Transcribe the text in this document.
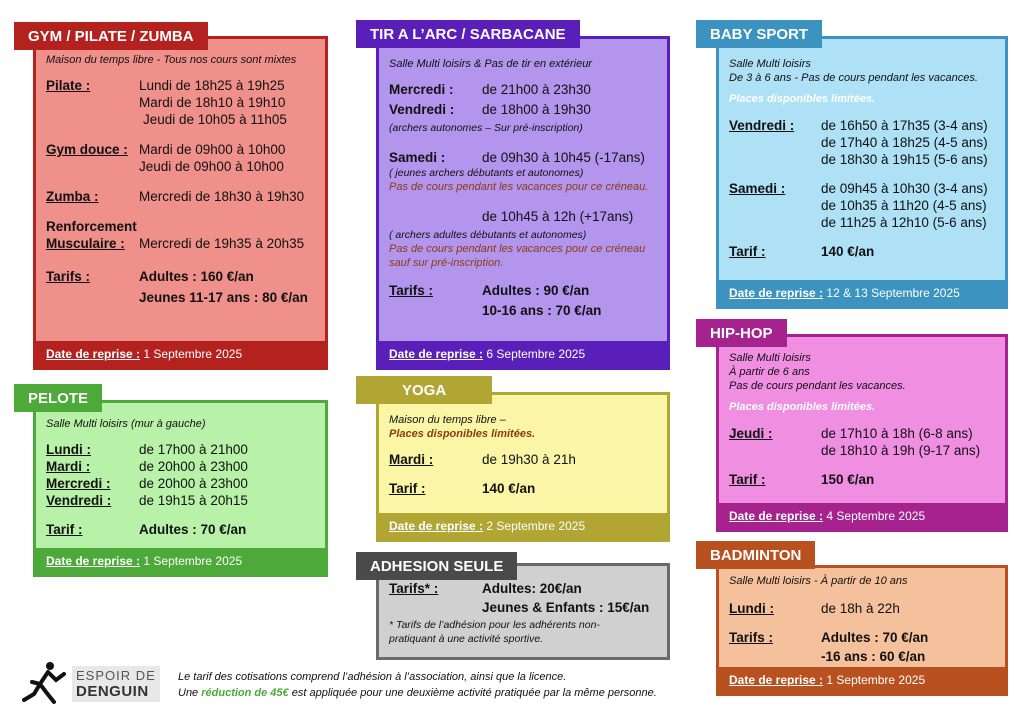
GYM / PILATE / ZUMBA
Maison du temps libre - Tous nos cours sont mixtes
Pilate :	Lundi de 18h25 à 19h25
Mardi de 18h10 à 19h10
Jeudi de 10h05 à 11h05
Gym douce : Mardi de 09h00 à 10h00
Jeudi de 09h00 à 10h00
Zumba :	Mercredi de 18h30 à 19h30
Renforcement
Musculaire :	Mercredi de 19h35 à 20h35
Tarifs :	Adultes : 160 €/an
Jeunes 11-17 ans : 80 €/an
Date de reprise : 1 Septembre 2025
PELOTE
Salle Multi loisirs (mur à gauche)
Lundi :	de 17h00 à 21h00
Mardi :	de 20h00 à 23h00
Mercredi :	de 20h00 à 23h00
Vendredi :	de 19h15 à 20h15
Tarif :	Adultes : 70 €/an
Date de reprise : 1 Septembre 2025
TIR A L’ARC / SARBACANE
Salle Multi loisirs & Pas de tir en extérieur
Mercredi :	de 21h00 à 23h30
Vendredi :	de 18h00 à 19h30
(archers autonomes – Sur pré-inscription)
Samedi :	de 09h30 à 10h45 (-17ans)
( jeunes archers débutants et autonomes)
Pas de cours pendant les vacances pour ce créneau.
de 10h45 à 12h (+17ans)
( archers adultes débutants et autonomes)
Pas de cours pendant les vacances pour ce créneau
sauf sur pré-inscription.
Tarifs :	Adultes : 90 €/an
10-16 ans : 70 €/an
Date de reprise : 6 Septembre 2025
YOGA
Maison du temps libre –
Places disponibles limitées.
Mardi :	de 19h30 à 21h
Tarif :	140 €/an
Date de reprise : 2 Septembre 2025
ADHESION SEULE
Tarifs* :	Adultes: 20€/an
Jeunes & Enfants : 15€/an
* Tarifs de l’adhésion pour les adhérents non-
pratiquant à une activité sportive.
BABY SPORT
Salle Multi loisirs
De 3 à 6 ans - Pas de cours pendant les vacances.
Places disponibles limitées.
Vendredi :	de 16h50 à 17h35 (3-4 ans)
de 17h40 à 18h25 (4-5 ans)
de 18h30 à 19h15 (5-6 ans)
Samedi :	de 09h45 à 10h30 (3-4 ans)
de 10h35 à 11h20 (4-5 ans)
de 11h25 à 12h10 (5-6 ans)
Tarif :	140 €/an
Date de reprise : 12 & 13 Septembre 2025
HIP-HOP
Salle Multi loisirs
À partir de 6 ans
Pas de cours pendant les vacances.
Places disponibles limitées.
Jeudi :	de 17h10 à 18h (6-8 ans)
de 18h10 à 19h (9-17 ans)
Tarif :	150 €/an
Date de reprise : 4 Septembre 2025
BADMINTON
Salle Multi loisirs - À partir de 10 ans
Lundi :	de 18h à 22h
Tarifs :	Adultes : 70 €/an
-16 ans : 60 €/an
Date de reprise : 1 Septembre 2025
ESPOIR DE
DENGUIN
Le tarif des cotisations comprend l’adhésion à l’association, ainsi que la licence.
Une réduction de 45€ est appliquée pour une deuxième activité pratiquée par la même personne.
